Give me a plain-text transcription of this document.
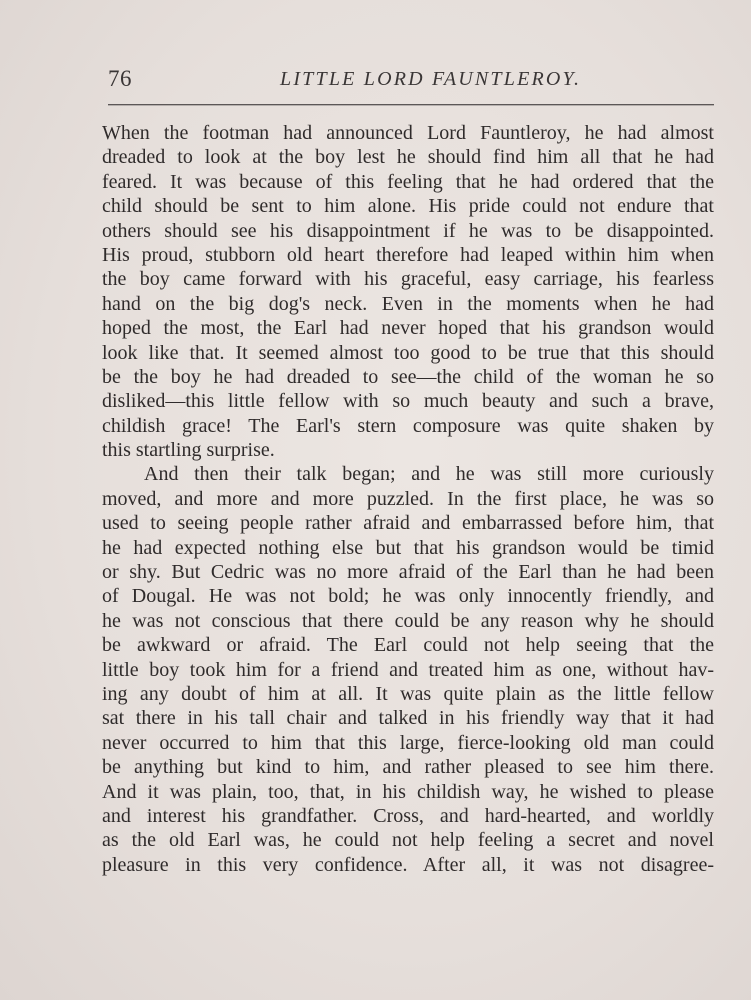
76	LITTLE LORD FAUNTLEROY.
When the footman had announced Lord Fauntleroy, he had almost
dreaded to look at the boy lest he should find him all that he had
feared. It was because of this feeling that he had ordered that the
child should be sent to him alone. His pride could not endure that
others should see his disappointment if he was to be disappointed.
His proud, stubborn old heart therefore had leaped within him when
the boy came forward with his graceful, easy carriage, his fearless
hand on the big dog's neck. Even in the moments when he had
hoped the most, the Earl had never hoped that his grandson would
look like that. It seemed almost too good to be true that this should
be the boy he had dreaded to see—the child of the woman he so
disliked—this little fellow with so much beauty and such a brave,
childish grace! The Earl's stern composure was quite shaken by
this startling surprise.
And then their talk began; and he was still more curiously
moved, and more and more puzzled. In the first place, he was so
used to seeing people rather afraid and embarrassed before him, that
he had expected nothing else but that his grandson would be timid
or shy. But Cedric was no more afraid of the Earl than he had been
of Dougal. He was not bold; he was only innocently friendly, and
he was not conscious that there could be any reason why he should
be awkward or afraid. The Earl could not help seeing that the
little boy took him for a friend and treated him as one, without hav-
ing any doubt of him at all. It was quite plain as the little fellow
sat there in his tall chair and talked in his friendly way that it had
never occurred to him that this large, fierce-looking old man could
be anything but kind to him, and rather pleased to see him there.
And it was plain, too, that, in his childish way, he wished to please
and interest his grandfather. Cross, and hard-hearted, and worldly
as the old Earl was, he could not help feeling a secret and novel
pleasure in this very confidence. After all, it was not disagree-
